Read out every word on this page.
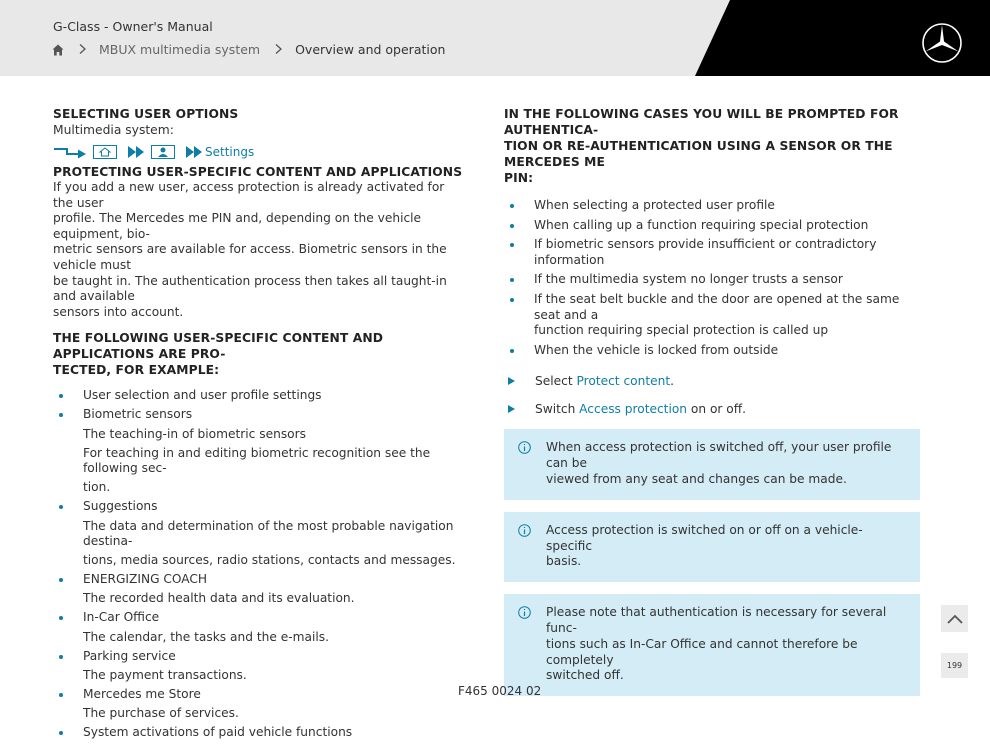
G-Class - Owner's Manual
MBUX multimedia system	Overview and operation
SELECTING USER OPTIONS
Multimedia system:
Settings
PROTECTING USER-SPECIFIC CONTENT AND APPLICATIONS
If you add a new user, access protection is already activated for the user
profile. The Mercedes me PIN and, depending on the vehicle equipment, bio-
metric sensors are available for access. Biometric sensors in the vehicle must
be taught in. The authentication process then takes all taught-in and available
sensors into account.
THE FOLLOWING USER-SPECIFIC CONTENT AND APPLICATIONS ARE PRO-
TECTED, FOR EXAMPLE:
User selection and user profile settings
Biometric sensors
The teaching-in of biometric sensors
For teaching in and editing biometric recognition see the following sec-
tion.
Suggestions
The data and determination of the most probable navigation destina-
tions, media sources, radio stations, contacts and messages.
ENERGIZING COACH
The recorded health data and its evaluation.
In-Car Office
The calendar, the tasks and the e-mails.
Parking service
The payment transactions.
Mercedes me Store
The purchase of services.
System activations of paid vehicle functions
IN THE FOLLOWING CASES YOU WILL BE PROMPTED FOR AUTHENTICA-
TION OR RE-AUTHENTICATION USING A SENSOR OR THE MERCEDES ME
PIN:
When selecting a protected user profile
When calling up a function requiring special protection
If biometric sensors provide insufficient or contradictory information
If the multimedia system no longer trusts a sensor
If the seat belt buckle and the door are opened at the same seat and a
function requiring special protection is called up
When the vehicle is locked from outside
Select Protect content.
Switch Access protection on or off.
When access protection is switched off, your user profile can be
viewed from any seat and changes can be made.
Access protection is switched on or off on a vehicle-specific
basis.
Please note that authentication is necessary for several func-
tions such as In-Car Office and cannot therefore be completely
switched off.
199
F465 0024 02
